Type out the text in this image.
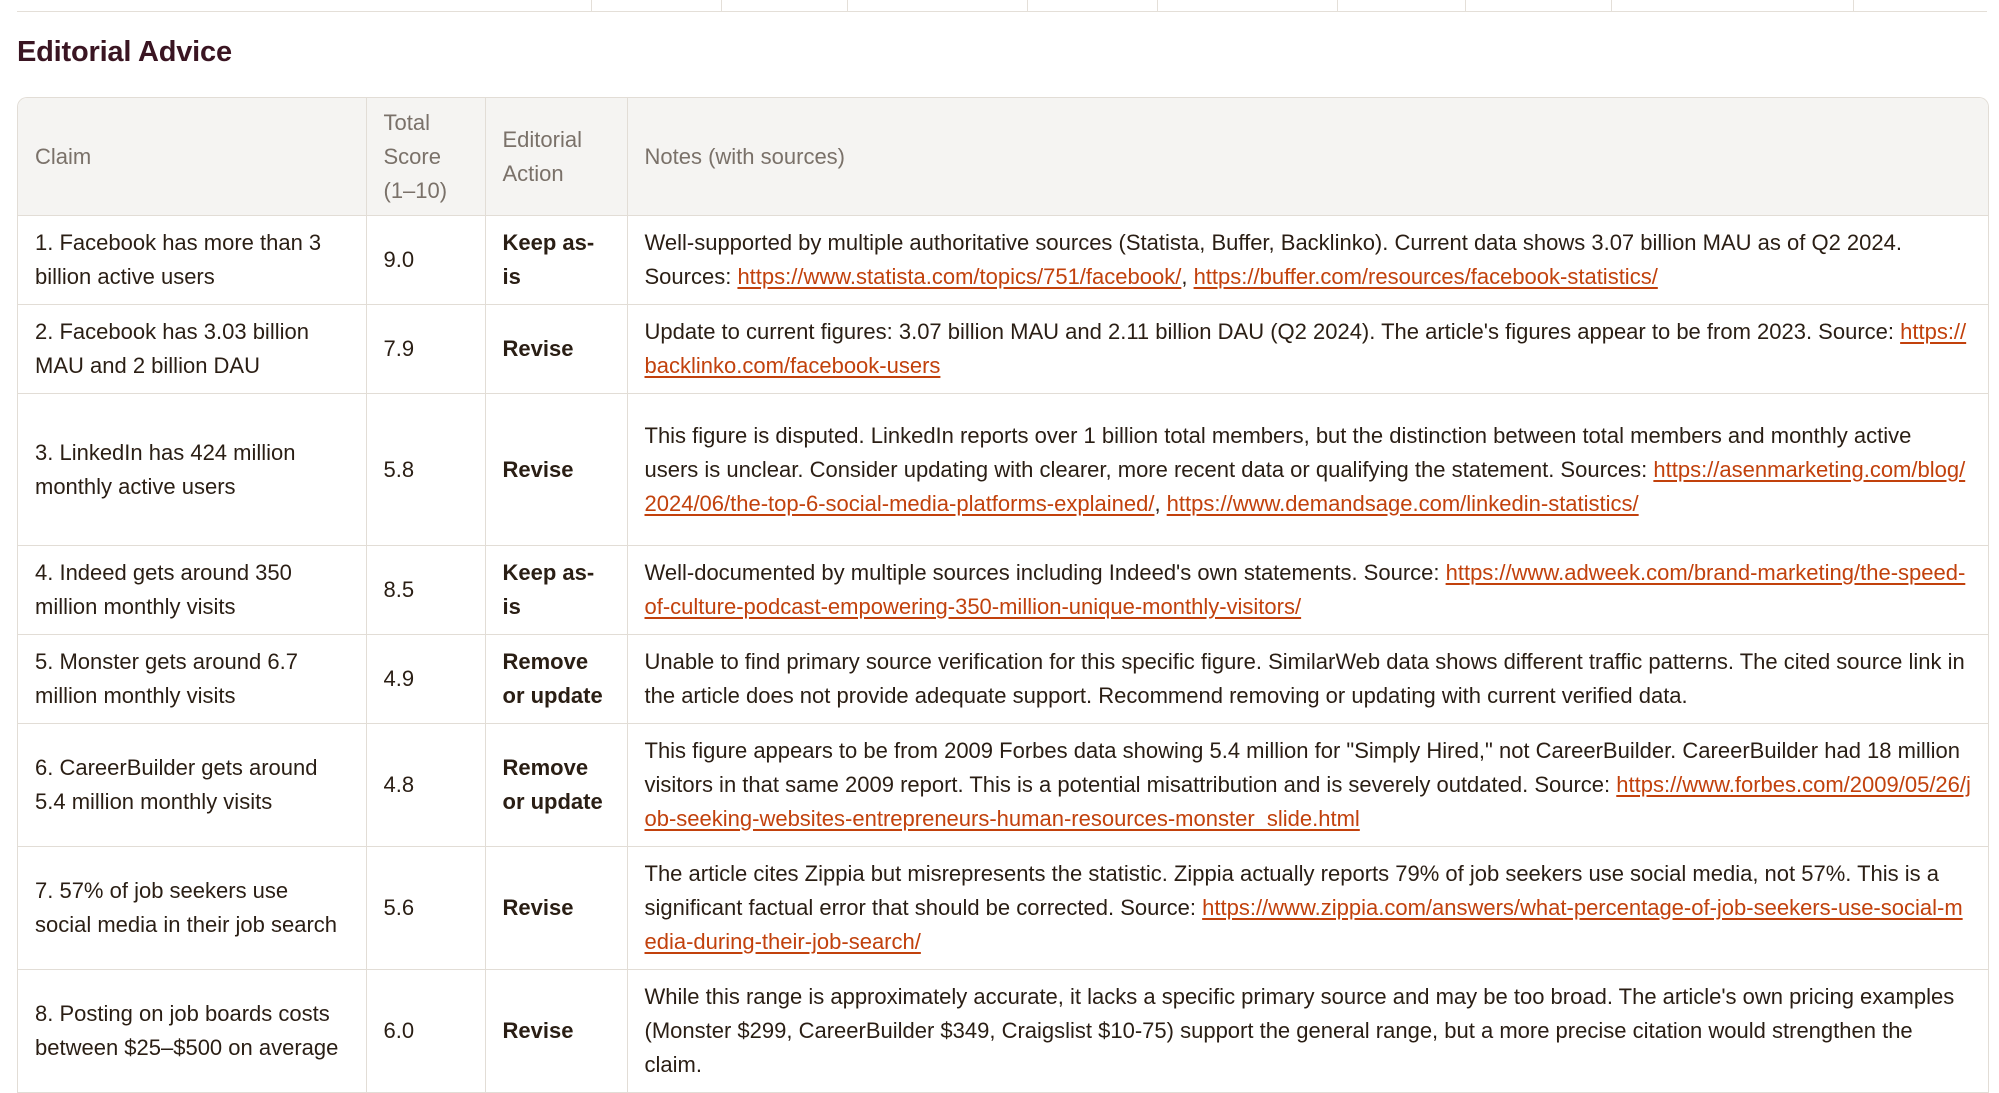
Editorial Advice
Claim	Total Score (1–10)	Editorial Action	Notes (with sources)
1. Facebook has more than 3 billion active users	9.0	Keep as-is	Well-supported by multiple authoritative sources (Statista, Buffer, Backlinko). Current data shows 3.07 billion MAU as of Q2 2024. Sources: https://www.statista.com/topics/751/facebook/, https://buffer.com/resources/facebook-statistics/
2. Facebook has 3.03 billion MAU and 2 billion DAU	7.9	Revise	Update to current figures: 3.07 billion MAU and 2.11 billion DAU (Q2 2024). The article's figures appear to be from 2023. Source: https://backlinko.com/facebook-users
3. LinkedIn has 424 million monthly active users	5.8	Revise	This figure is disputed. LinkedIn reports over 1 billion total members, but the distinction between total members and monthly active users is unclear. Consider updating with clearer, more recent data or qualifying the statement. Sources: https://asenmarketing.com/blog/2024/06/the-top-6-social-media-platforms-explained/, https://www.demandsage.com/linkedin-statistics/
4. Indeed gets around 350 million monthly visits	8.5	Keep as-is	Well-documented by multiple sources including Indeed's own statements. Source: https://www.adweek.com/brand-marketing/the-speed-of-culture-podcast-empowering-350-million-unique-monthly-visitors/
5. Monster gets around 6.7 million monthly visits	4.9	Remove or update	Unable to find primary source verification for this specific figure. SimilarWeb data shows different traffic patterns. The cited source link in the article does not provide adequate support. Recommend removing or updating with current verified data.
6. CareerBuilder gets around 5.4 million monthly visits	4.8	Remove or update	This figure appears to be from 2009 Forbes data showing 5.4 million for "Simply Hired," not CareerBuilder. CareerBuilder had 18 million visitors in that same 2009 report. This is a potential misattribution and is severely outdated. Source: https://www.forbes.com/2009/05/26/job-seeking-websites-entrepreneurs-human-resources-monster_slide.html
7. 57% of job seekers use social media in their job search	5.6	Revise	The article cites Zippia but misrepresents the statistic. Zippia actually reports 79% of job seekers use social media, not 57%. This is a significant factual error that should be corrected. Source: https://www.zippia.com/answers/what-percentage-of-job-seekers-use-social-media-during-their-job-search/
8. Posting on job boards costs between $25–$500 on average	6.0	Revise	While this range is approximately accurate, it lacks a specific primary source and may be too broad. The article's own pricing examples (Monster $299, CareerBuilder $349, Craigslist $10-75) support the general range, but a more precise citation would strengthen the claim.
